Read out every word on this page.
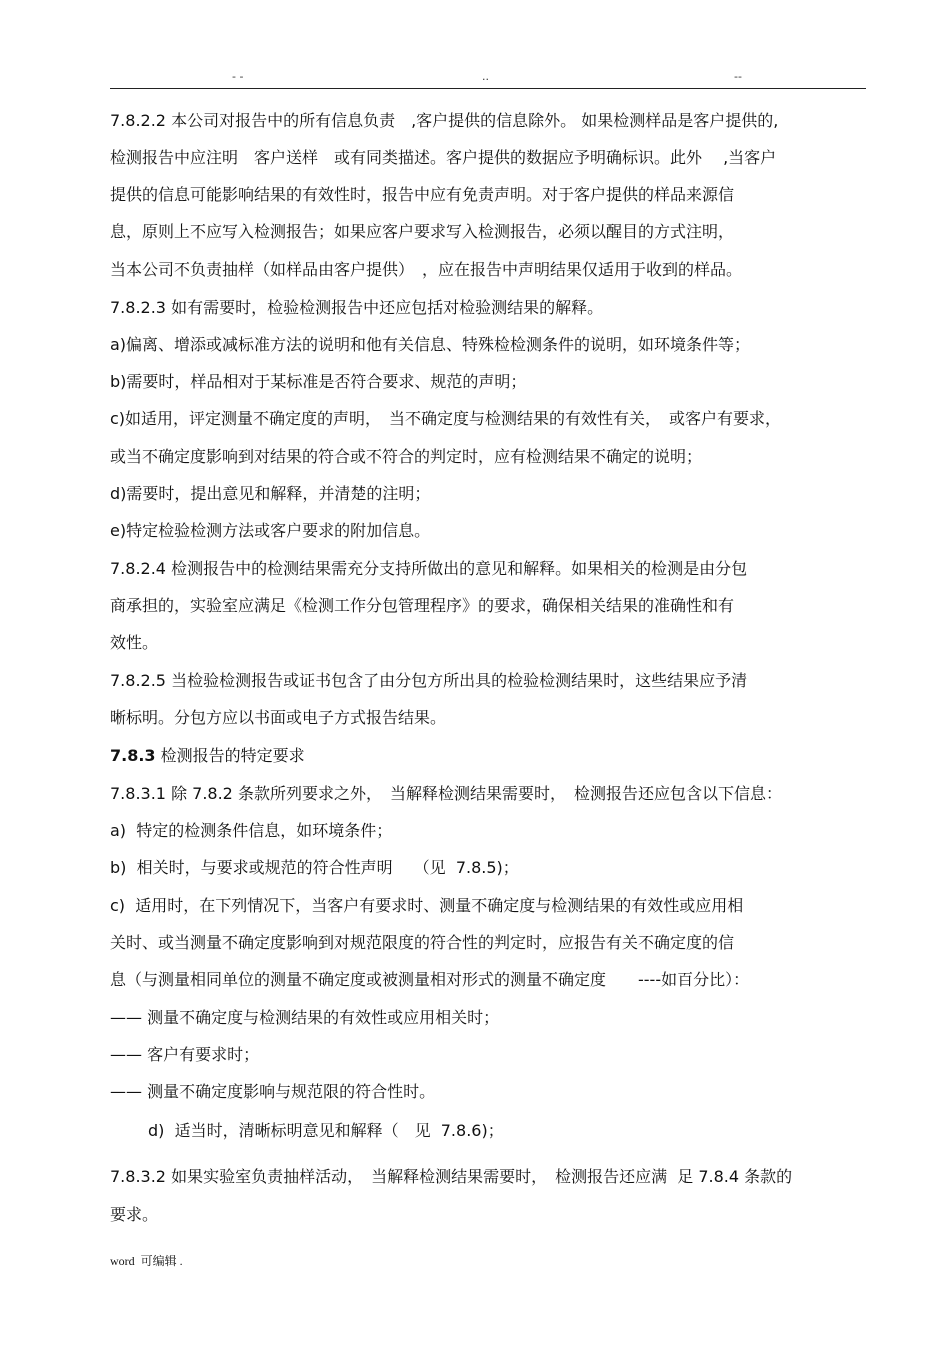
- -	..	--
7.8.2.2 本公司对报告中的所有信息负责　,客户提供的信息除外。 如果检测样品是客户提供的,
检测报告中应注明　客户送样　或有同类描述。客户提供的数据应予明确标识。此外　 ,当客户
提供的信息可能影响结果的有效性时，报告中应有免责声明。对于客户提供的样品来源信
息，原则上不应写入检测报告；如果应客户要求写入检测报告，必须以醒目的方式注明，
当本公司不负责抽样（如样品由客户提供）　，应在报告中声明结果仅适用于收到的样品。
7.8.2.3 如有需要时，检验检测报告中还应包括对检验测结果的解释。
a)偏离、增添或减标准方法的说明和他有关信息、特殊检检测条件的说明，如环境条件等；
b)需要时，样品相对于某标准是否符合要求、规范的声明；
c)如适用，评定测量不确定度的声明，　当不确定度与检测结果的有效性有关，　或客户有要求，
或当不确定度影响到对结果的符合或不符合的判定时，应有检测结果不确定的说明；
d)需要时，提出意见和解释，并清楚的注明；
e)特定检验检测方法或客户要求的附加信息。
7.8.2.4 检测报告中的检测结果需充分支持所做出的意见和解释。如果相关的检测是由分包
商承担的，实验室应满足《检测工作分包管理程序》的要求，确保相关结果的准确性和有
效性。
7.8.2.5 当检验检测报告或证书包含了由分包方所出具的检验检测结果时，这些结果应予清
晰标明。分包方应以书面或电子方式报告结果。
7.8.3 检测报告的特定要求
7.8.3.1 除 7.8.2 条款所列要求之外，　当解释检测结果需要时，　检测报告还应包含以下信息：
a)  特定的检测条件信息，如环境条件；
b)  相关时，与要求或规范的符合性声明　 （见  7.8.5)；
c)  适用时，在下列情况下，当客户有要求时、测量不确定度与检测结果的有效性或应用相
关时、或当测量不确定度影响到对规范限度的符合性的判定时，应报告有关不确定度的信
息（与测量相同单位的测量不确定度或被测量相对形式的测量不确定度　　----如百分比）：
—— 测量不确定度与检测结果的有效性或应用相关时；
—— 客户有要求时；
—— 测量不确定度影响与规范限的符合性时。
d)  适当时，清晰标明意见和解释（　见  7.8.6)；
7.8.3.2 如果实验室负责抽样活动，　当解释检测结果需要时，　检测报告还应满  足 7.8.4 条款的
要求。
word  可编辑 .
